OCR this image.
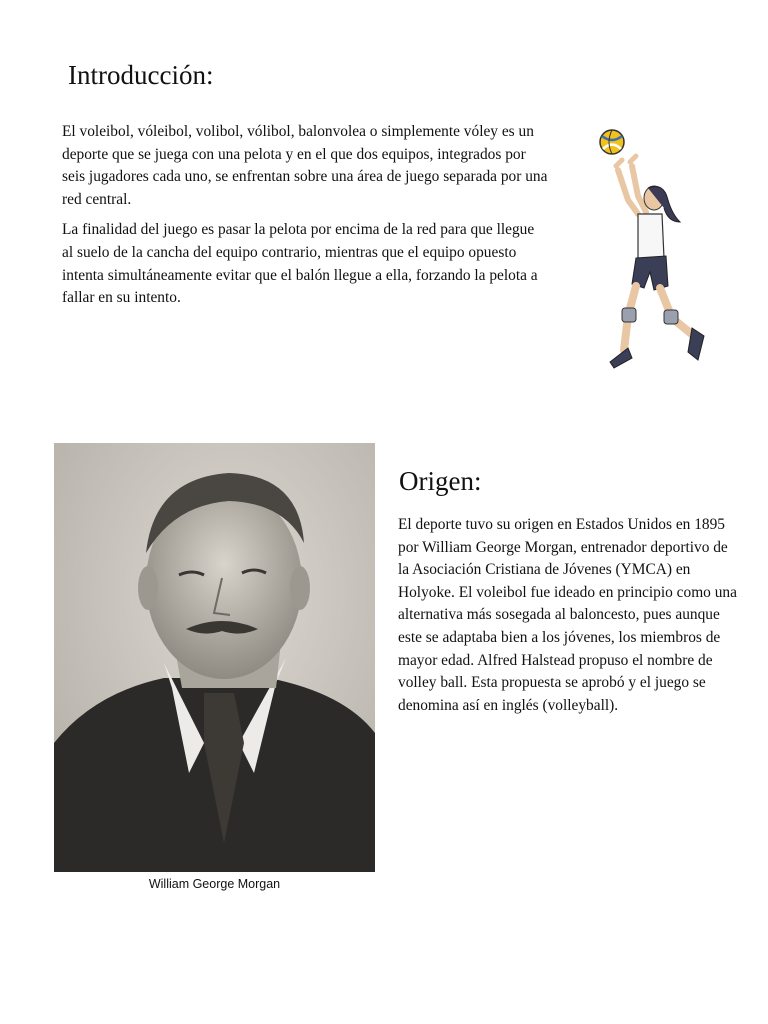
Introducción:

El voleibol, vóleibol, volibol, vólibol, balonvolea o simplemente vóley es un deporte que se juega con una pelota y en el que dos equipos, integrados por seis jugadores cada uno, se enfrentan sobre una área de juego separada por una red central.

La finalidad del juego es pasar la pelota por encima de la red para que llegue al suelo de la cancha del equipo contrario, mientras que el equipo opuesto intenta simultáneamente evitar que el balón llegue a ella, forzando la pelota a fallar en su intento.

William George Morgan
Origen:

El deporte tuvo su origen en Estados Unidos en 1895 por William George Morgan, entrenador deportivo de la Asociación Cristiana de Jóvenes (YMCA) en Holyoke. El voleibol fue ideado en principio como una alternativa más sosegada al baloncesto, pues aunque este se adaptaba bien a los jóvenes, los miembros de mayor edad. Alfred Halstead propuso el nombre de volley ball. Esta propuesta se aprobó y el juego se denomina así en inglés (volleyball).
